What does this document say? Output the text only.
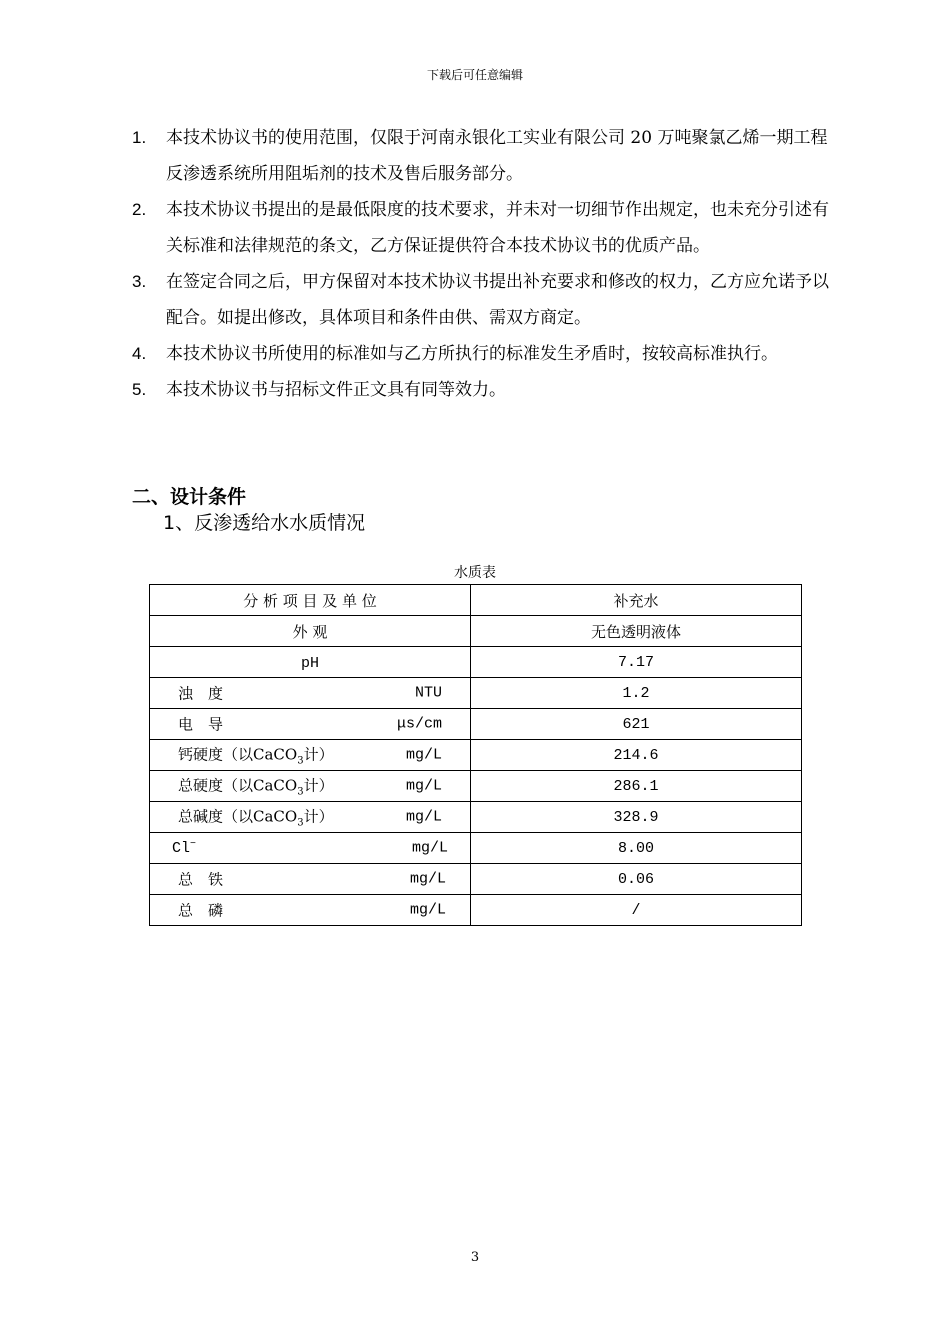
下载后可任意编辑
1. 本技术协议书的使用范围，仅限于河南永银化工实业有限公司 20 万吨聚氯乙烯一期工程反渗透系统所用阻垢剂的技术及售后服务部分。
2. 本技术协议书提出的是最低限度的技术要求，并未对一切细节作出规定，也未充分引述有关标准和法律规范的条文，乙方保证提供符合本技术协议书的优质产品。
3. 在签定合同之后，甲方保留对本技术协议书提出补充要求和修改的权力，乙方应允诺予以配合。如提出修改，具体项目和条件由供、需双方商定。
4. 本技术协议书所使用的标准如与乙方所执行的标准发生矛盾时，按较高标准执行。
5. 本技术协议书与招标文件正文具有同等效力。
二、设计条件
1、反渗透给水水质情况
水质表
分 析 项 目 及 单 位	补充水
外 观	无色透明液体
pH	7.17

浊　度 NTU	1.2

电　导 μs/cm	621

钙硬度（以CaCO$_3$计） mg/L	214.6

总硬度（以CaCO$_3$计） mg/L	286.1

总碱度（以CaCO$_3$计） mg/L	328.9

Cl− mg/L	8.00

总　铁 mg/L	0.06

总　磷 mg/L	/
3
